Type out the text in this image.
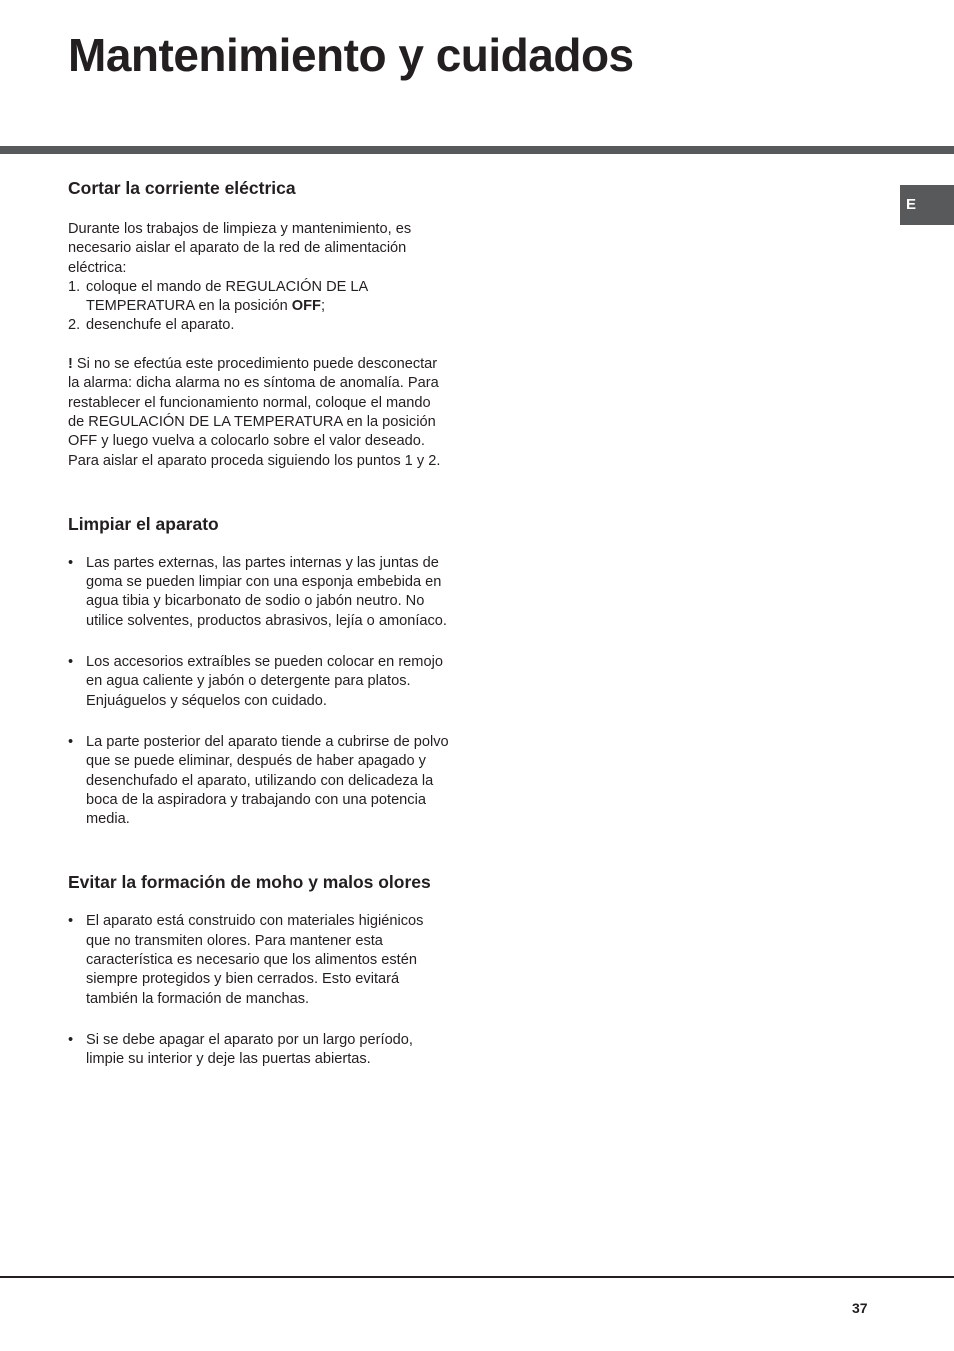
Mantenimiento y cuidados
E
Cortar la corriente eléctrica

Durante los trabajos de limpieza y mantenimiento, es necesario aislar el aparato de la red de alimentación eléctrica:

1. coloque el mando de REGULACIÓN DE LA TEMPERATURA en la posición OFF;
2. desenchufe el aparato.

! Si no se efectúa este procedimiento puede desconectar la alarma: dicha alarma no es síntoma de anomalía. Para restablecer el funcionamiento normal, coloque el mando de REGULACIÓN DE LA TEMPERATURA en la posición OFF y luego vuelva a colocarlo sobre el valor deseado.

Para aislar el aparato proceda siguiendo los puntos 1 y 2.

Limpiar el aparato
• Las partes externas, las partes internas y las juntas de goma se pueden limpiar con una esponja embebida en agua tibia y bicarbonato de sodio o jabón neutro. No utilice solventes, productos abrasivos, lejía o amoníaco.
• Los accesorios extraíbles se pueden colocar en remojo en agua caliente y jabón o detergente para platos. Enjuáguelos y séquelos con cuidado.
• La parte posterior del aparato tiende a cubrirse de polvo que se puede eliminar, después de haber apagado y desenchufado el aparato, utilizando con delicadeza la boca de la aspiradora y trabajando con una potencia media.
Evitar la formación de moho y malos olores
• El aparato está construido con materiales higiénicos que no transmiten olores. Para mantener esta característica es necesario que los alimentos estén siempre protegidos y bien cerrados. Esto evitará también la formación de manchas.
• Si se debe apagar el aparato por un largo período, limpie su interior y deje las puertas abiertas.
37
